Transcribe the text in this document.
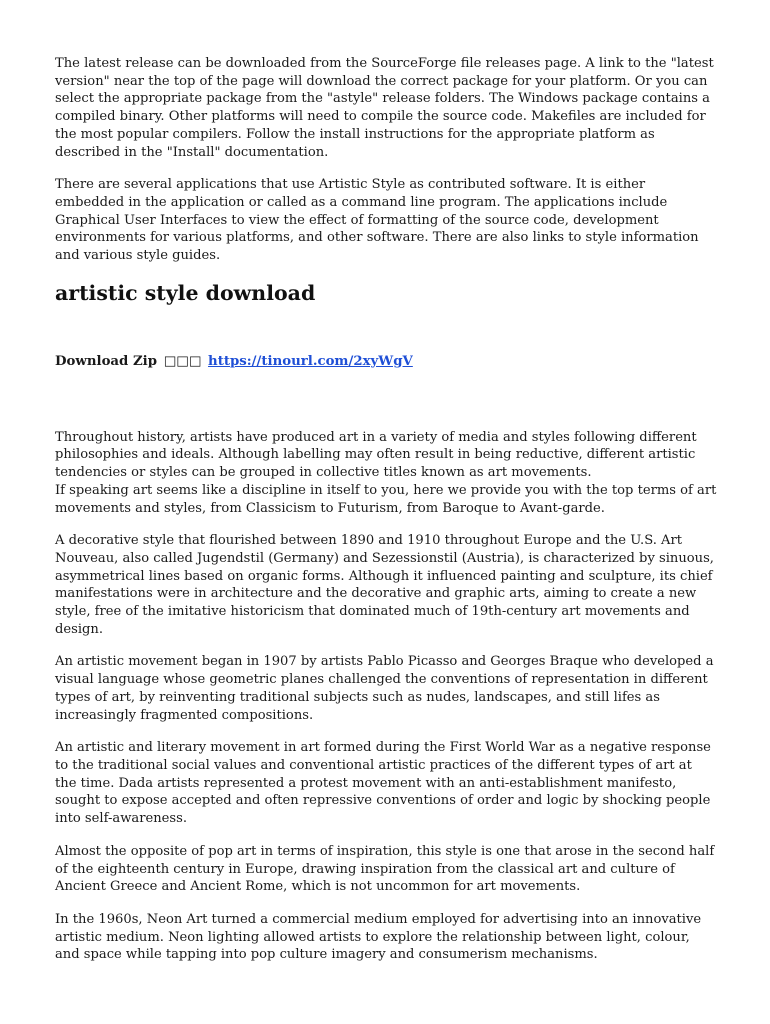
The latest release can be downloaded from the SourceForge file releases page. A link to the "latest version" near the top of the page will download the correct package for your platform. Or you can select the appropriate package from the "astyle" release folders. The Windows package contains a compiled binary. Other platforms will need to compile the source code. Makefiles are included for the most popular compilers. Follow the install instructions for the appropriate platform as described in the "Install" documentation.

There are several applications that use Artistic Style as contributed software. It is either embedded in the application or called as a command line program. The applications include Graphical User Interfaces to view the effect of formatting of the source code, development environments for various platforms, and other software. There are also links to style information and various style guides.

artistic style download

Download Zip □□□ https://tinourl.com/2xyWgV

Throughout history, artists have produced art in a variety of media and styles following different philosophies and ideals. Although labelling may often result in being reductive, different artistic tendencies or styles can be grouped in collective titles known as art movements.
If speaking art seems like a discipline in itself to you, here we provide you with the top terms of art movements and styles, from Classicism to Futurism, from Baroque to Avant-garde.

A decorative style that flourished between 1890 and 1910 throughout Europe and the U.S. Art Nouveau, also called Jugendstil (Germany) and Sezessionstil (Austria), is characterized by sinuous, asymmetrical lines based on organic forms. Although it influenced painting and sculpture, its chief manifestations were in architecture and the decorative and graphic arts, aiming to create a new style, free of the imitative historicism that dominated much of 19th-century art movements and design.

An artistic movement began in 1907 by artists Pablo Picasso and Georges Braque who developed a visual language whose geometric planes challenged the conventions of representation in different types of art, by reinventing traditional subjects such as nudes, landscapes, and still lifes as increasingly fragmented compositions.

An artistic and literary movement in art formed during the First World War as a negative response to the traditional social values and conventional artistic practices of the different types of art at the time. Dada artists represented a protest movement with an anti-establishment manifesto, sought to expose accepted and often repressive conventions of order and logic by shocking people into self-awareness.

Almost the opposite of pop art in terms of inspiration, this style is one that arose in the second half of the eighteenth century in Europe, drawing inspiration from the classical art and culture of Ancient Greece and Ancient Rome, which is not uncommon for art movements.

In the 1960s, Neon Art turned a commercial medium employed for advertising into an innovative artistic medium. Neon lighting allowed artists to explore the relationship between light, colour, and space while tapping into pop culture imagery and consumerism mechanisms.
